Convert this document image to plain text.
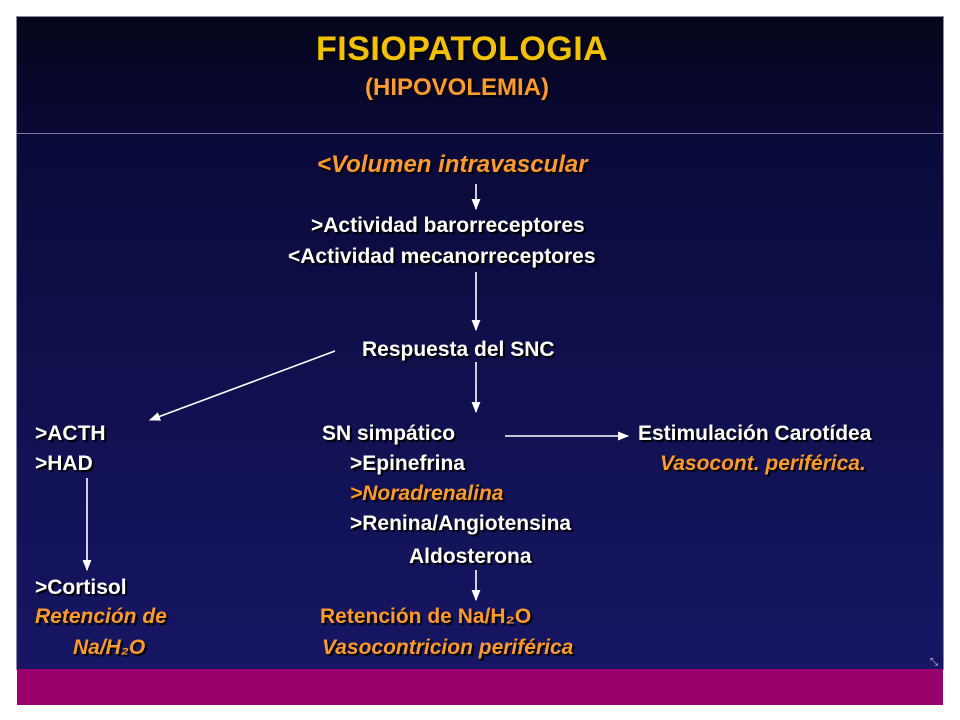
FISIOPATOLOGIA
(HIPOVOLEMIA)
<Volumen intravascular
>Actividad barorreceptores
<Actividad mecanorreceptores
Respuesta del SNC
>ACTH
>HAD
SN simpático
>Epinefrina
>Noradrenalina
>Renina/Angiotensina
Aldosterona
Estimulación Carotídea
Vasocont. periférica.
>Cortisol
Retención de
Na/H₂O
Retención de Na/H₂O
Vasocontricion periférica
⤡
